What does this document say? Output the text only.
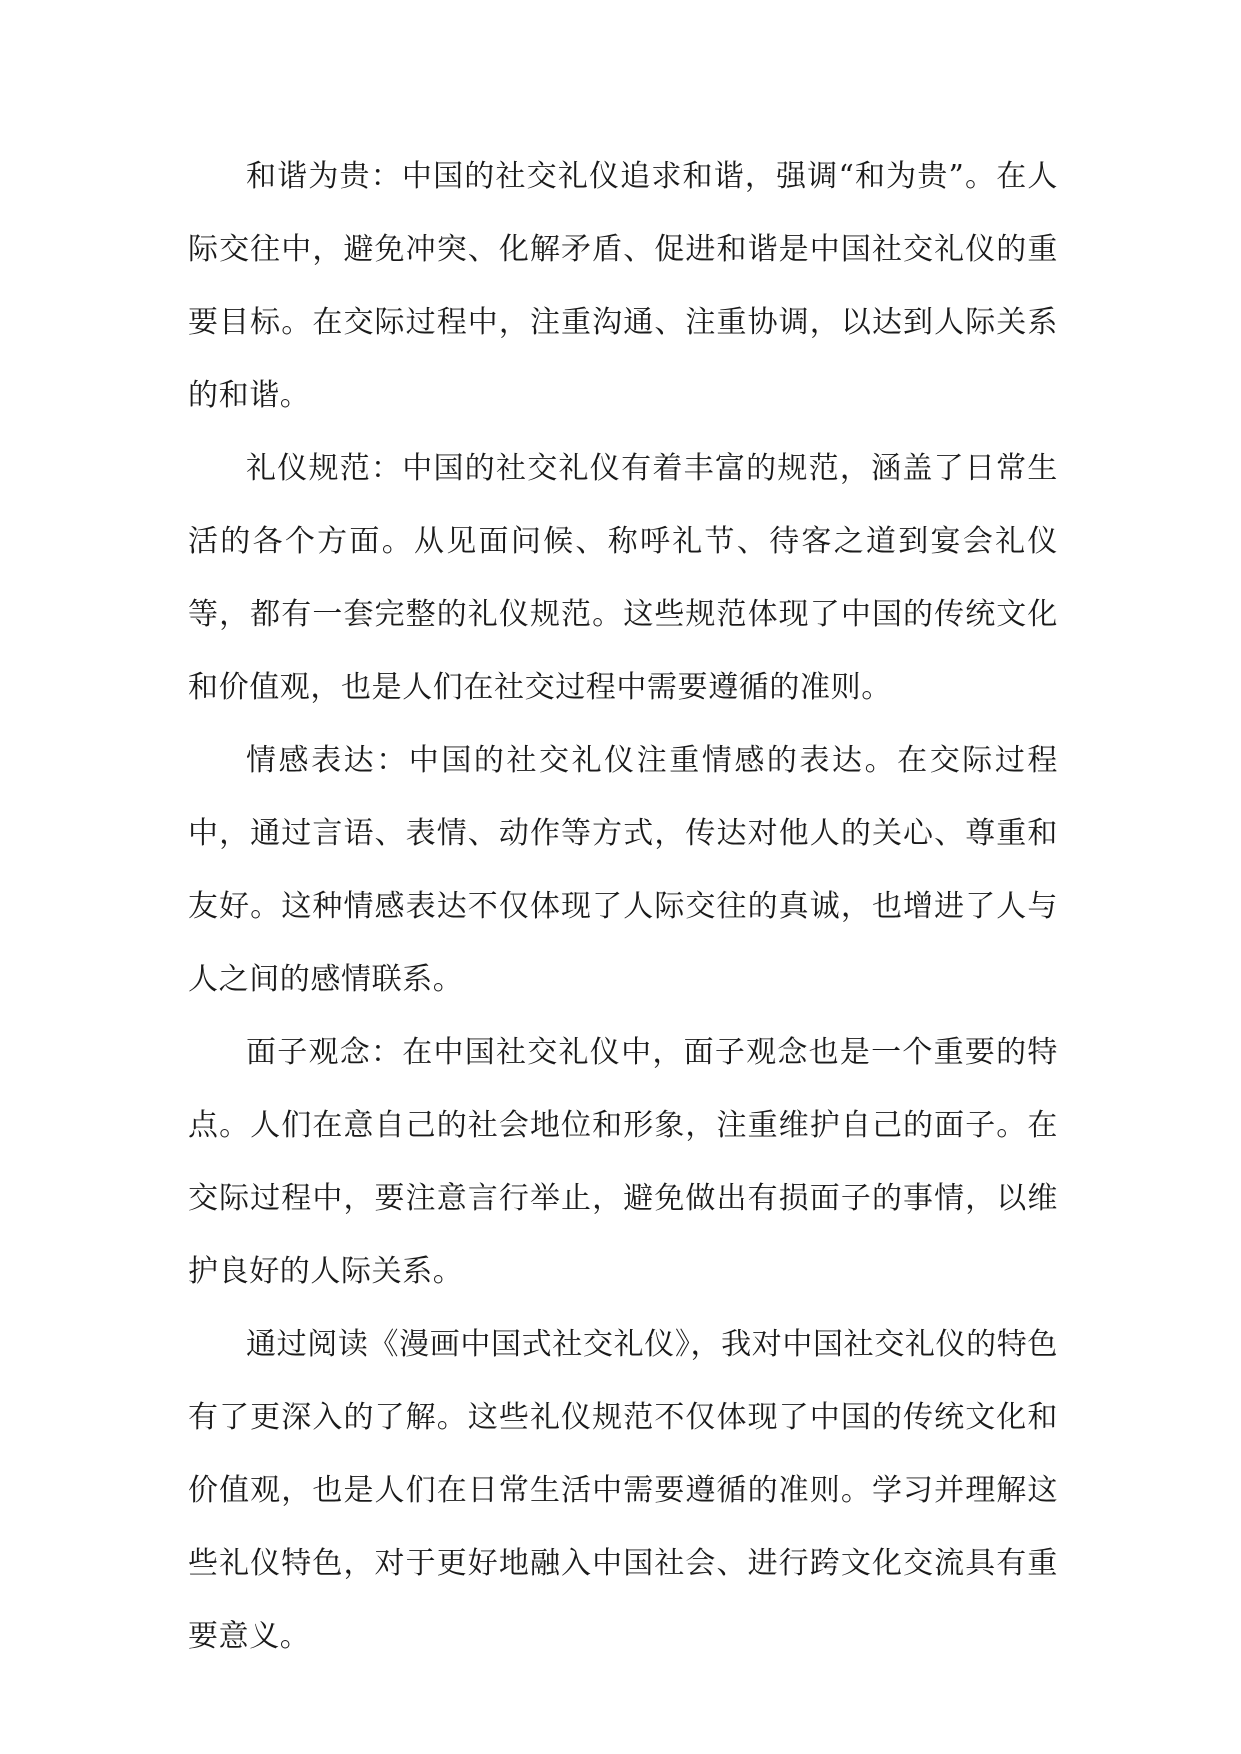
和谐为贵：中国的社交礼仪追求和谐，强调“和为贵”。在人际交往中，避免冲突、化解矛盾、促进和谐是中国社交礼仪的重要目标。在交际过程中，注重沟通、注重协调，以达到人际关系的和谐。

礼仪规范：中国的社交礼仪有着丰富的规范，涵盖了日常生活的各个方面。从见面问候、称呼礼节、待客之道到宴会礼仪等，都有一套完整的礼仪规范。这些规范体现了中国的传统文化和价值观，也是人们在社交过程中需要遵循的准则。

情感表达：中国的社交礼仪注重情感的表达。在交际过程中，通过言语、表情、动作等方式，传达对他人的关心、尊重和友好。这种情感表达不仅体现了人际交往的真诚，也增进了人与人之间的感情联系。

面子观念：在中国社交礼仪中，面子观念也是一个重要的特点。人们在意自己的社会地位和形象，注重维护自己的面子。在交际过程中，要注意言行举止，避免做出有损面子的事情，以维护良好的人际关系。

通过阅读《漫画中国式社交礼仪》，我对中国社交礼仪的特色有了更深入的了解。这些礼仪规范不仅体现了中国的传统文化和价值观，也是人们在日常生活中需要遵循的准则。学习并理解这些礼仪特色，对于更好地融入中国社会、进行跨文化交流具有重要意义。
